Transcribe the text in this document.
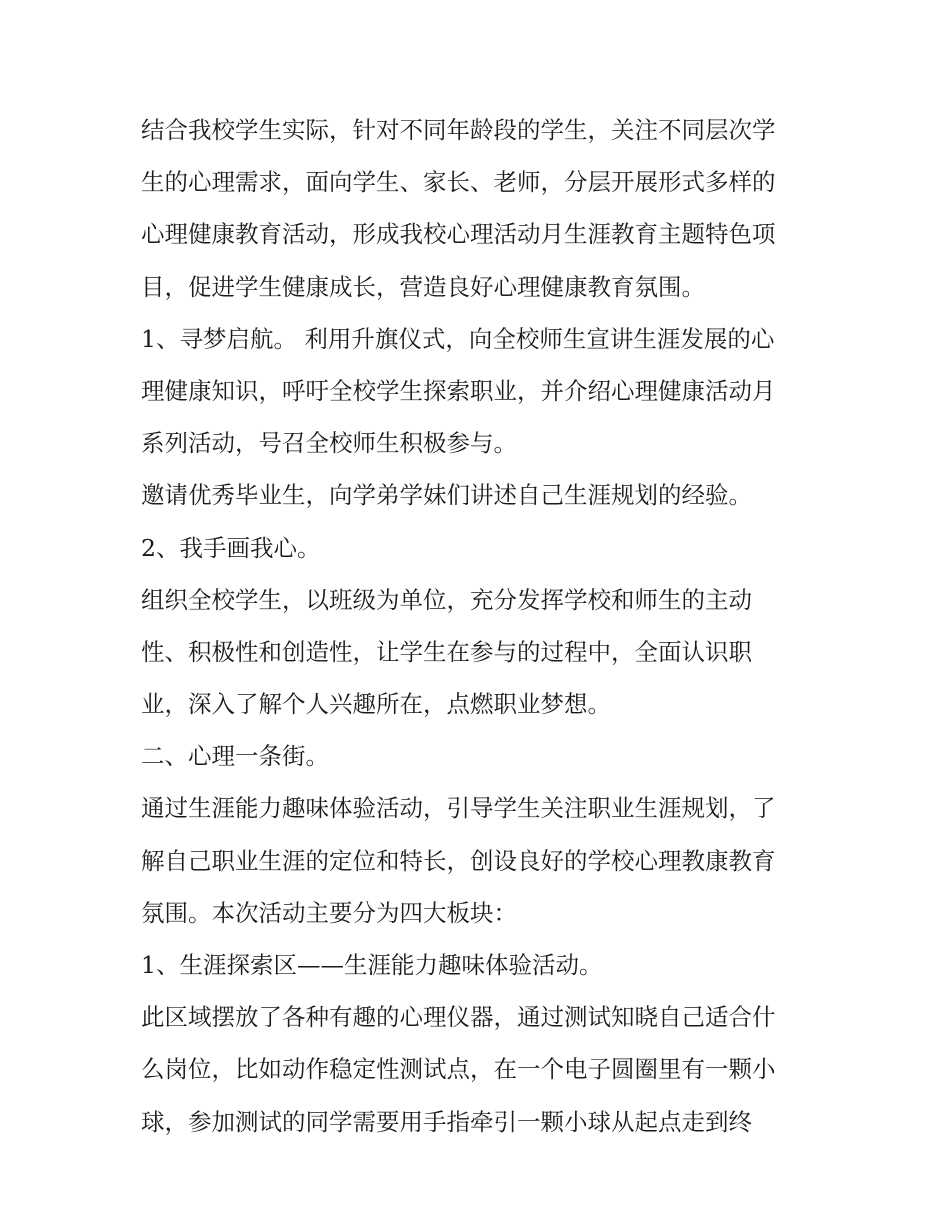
结合我校学生实际，针对不同年龄段的学生，关注不同层次学
生的心理需求，面向学生、家长、老师，分层开展形式多样的
心理健康教育活动，形成我校心理活动月生涯教育主题特色项
目，促进学生健康成长，营造良好心理健康教育氛围。
1、寻梦启航。 利用升旗仪式，向全校师生宣讲生涯发展的心
理健康知识，呼吁全校学生探索职业，并介绍心理健康活动月
系列活动，号召全校师生积极参与。
邀请优秀毕业生，向学弟学妹们讲述自己生涯规划的经验。
2、我手画我心。
组织全校学生，以班级为单位，充分发挥学校和师生的主动
性、积极性和创造性，让学生在参与的过程中，全面认识职
业，深入了解个人兴趣所在，点燃职业梦想。
二、心理一条街。
通过生涯能力趣味体验活动，引导学生关注职业生涯规划，了
解自己职业生涯的定位和特长，创设良好的学校心理教康教育
氛围。本次活动主要分为四大板块：
1、生涯探索区——生涯能力趣味体验活动。
此区域摆放了各种有趣的心理仪器，通过测试知晓自己适合什
么岗位，比如动作稳定性测试点，在一个电子圆圈里有一颗小
球，参加测试的同学需要用手指牵引一颗小球从起点走到终
